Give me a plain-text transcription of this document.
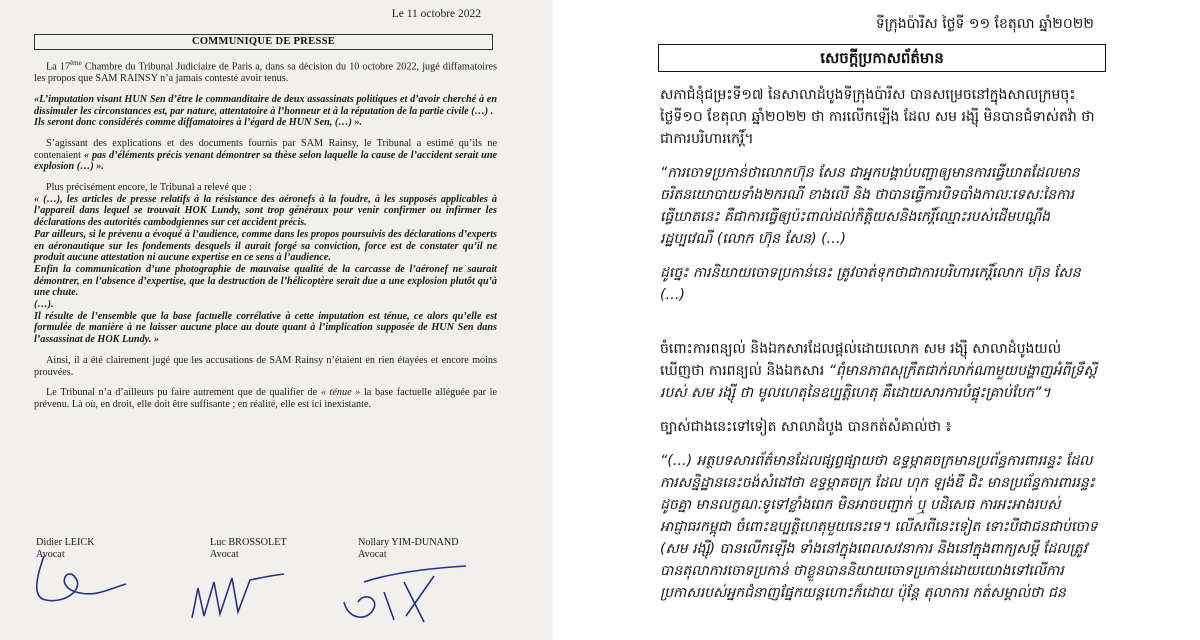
Le 11 octobre 2022
COMMUNIQUE DE PRESSE

La 17ème Chambre du Tribunal Judiciaire de Paris a, dans sa décision du 10 octobre 2022, jugé diffamatoires les propos que SAM RAINSY n’a jamais contesté avoir tenus.

«L’imputation visant HUN Sen d’être le commanditaire de deux assassinats politiques et d’avoir cherché à en dissimuler les circonstances est, par nature, attentatoire à l’honneur et à la réputation de la partie civile (…) .

Ils seront donc considérés comme diffamatoires à l’égard de HUN Sen, (…) ».

S’agissant des explications et des documents fournis par SAM Rainsy, le Tribunal a estimé qu’ils ne contenaient « pas d’éléments précis venant démontrer sa thèse selon laquelle la cause de l’accident serait une explosion (…) ».

Plus précisément encore, le Tribunal a relevé que :

« (…), les articles de presse relatifs à la résistance des aéronefs à la foudre, à les supposés applicables à l’appareil dans lequel se trouvait HOK Lundy, sont trop généraux pour venir confirmer ou infirmer les déclarations des autorités cambodgiennes sur cet accident précis.

Par ailleurs, si le prévenu a évoqué à l’audience, comme dans les propos poursuivis des déclarations d’experts en aéronautique sur les fondements desquels il aurait forgé sa conviction, force est de constater qu’il ne produit aucune attestation ni aucune expertise en ce sens à l’audience.

Enfin la communication d’une photographie de mauvaise qualité de la carcasse de l’aéronef ne saurait démontrer, en l’absence d’expertise, que la destruction de l’hélicoptère serait due a une explosion plutôt qu’à une chute.

(…).

Il résulte de l’ensemble que la base factuelle corrélative à cette imputation est ténue, ce alors qu’elle est formulée de manière à ne laisser aucune place au doute quant à l’implication supposée de HUN Sen dans l’assassinat de HOK Lundy. »

Ainsi, il a été clairement jugé que les accusations de SAM Rainsy n’étaient en rien étayées et encore moins prouvées.

Le Tribunal n’a d’ailleurs pu faire autrement que de qualifier de « ténue » la base factuelle alléguée par le prévenu. Là où, en droit, elle doit être suffisante ; en réalité, elle est ici inexistante.

Didier LEICK
Avocat
Luc BROSSOLET
Avocat
Nollary YIM-DUNAND
Avocat
ទីក្រុងប៉ារីស ថ្ងៃទី ១១ ខែតុលា ឆ្នាំ២០២២
សេចក្តីប្រកាសព័ត៌មាន

សភាជំនុំជម្រះទី១៧ នៃសាលាដំបូងទីក្រុងប៉ារីស បានសម្រេចនៅក្នុងសាលក្រមចុះថ្ងៃទី១០ ខែតុលា ឆ្នាំ២០២២ ថា ការលើកឡើង ដែល សម រង្ស៊ី មិនបានជំទាស់តវ៉ា ថាជាការបរិហារកេរ្តិ៍។

“ការចោទប្រកាន់ថាលោកហ៊ុន សែន ជាអ្នកបង្គាប់បញ្ជាឲ្យមានការធ្វើឃាតដែលមានចរិតនយោបាយទាំង២ករណី ខាងលើ និង ថាបានធ្វើការបិទបាំងកាលៈទេសៈនៃការធ្វើឃាតនេះ គឺជាការធ្វើឲ្យប៉ះពាល់ដល់កិត្តិយសនិងកេរ្តិ៍ឈ្មោះរបស់ដើមបណ្តឹងរដ្ឋប្បវេណី (លោក ហ៊ុន សែន) (…)

ដូច្នេះ ការនិយាយចោទប្រកាន់នេះ ត្រូវចាត់ទុកថាជាការបរិហារកេរ្តិ៍លោក ហ៊ុន សែន (…)

ចំពោះការពន្យល់ និងឯកសារដែលផ្តល់ដោយលោក សម រង្ស៊ី សាលាដំបូងយល់ឃើញថា ការពន្យល់ និងឯកសារ “ពុំមានភាពសុក្រឹតជាក់លាក់ណាមួយបង្ហាញអំពីទ្រឹស្តីរបស់ សម រង្ស៊ី ថា មូលហេតុនៃឧប្បត្តិហេតុ គឺដោយសារការបំផ្ទុះគ្រាប់បែក”។

ច្បាស់ជាងនេះទៅទៀត សាលាដំបូង បានកត់សំគាល់ថា ៖

“(…) អត្ថបទសារព័ត៌មានដែលផ្សព្វផ្សាយថា ឧទ្ធម្ភាគចក្រមានប្រព័ន្ធការពាររន្ទះ ដែលការសន្និដ្ឋាននេះចង់សំដៅថា ឧទ្ធម្ភាគចក្រ ដែល ហុក ឡង់ឌី ជិះ មានប្រព័ន្ធការពាររន្ទះ ដូចគ្នា មានលក្ខណៈទូទៅខ្លាំងពេក មិនអាចបញ្ជាក់ ឬ បដិសេធ ការអះអាងរបស់អាជ្ញាធរកម្ពុជា ចំពោះឧប្បត្តិហេតុមួយនេះទេ។ លើសពីនេះទៀត ទោះបីជាជនជាប់ចោទ (សម រង្ស៊ី) បានលើកឡើង ទាំងនៅក្នុងពេលសវនាការ និងនៅក្នុងពាក្យសម្តី ដែលត្រូវបានតុលាការចោទប្រកាន់ ថាខ្លួនបាននិយាយចោទប្រកាន់ដោយយោងទៅលើការប្រកាសរបស់អ្នកជំនាញផ្នែកយន្តហោះក៏ដោយ ប៉ុន្តែ តុលាការ កត់សម្គាល់ថា ជន
